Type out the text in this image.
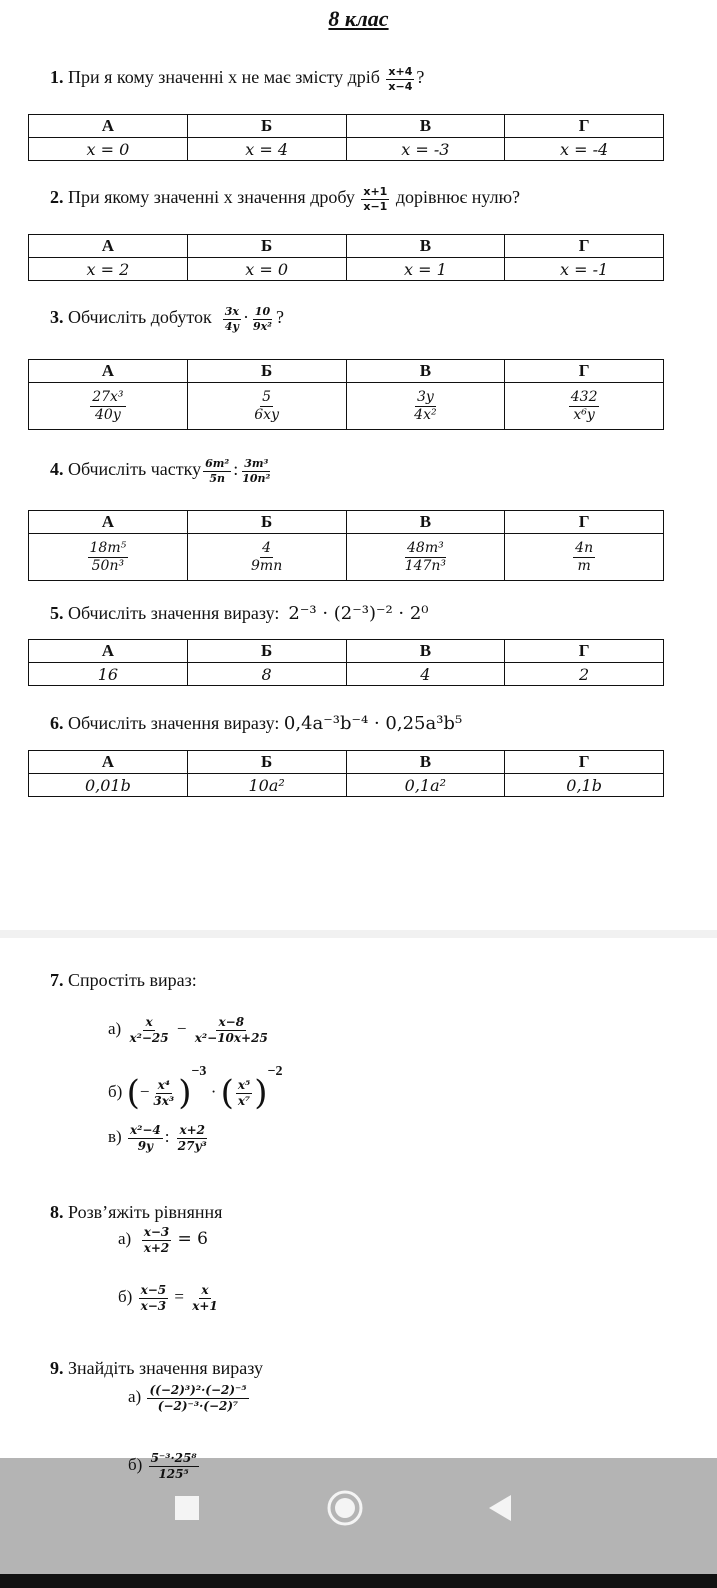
8 клас
1. При я кому значенні х не має змісту дріб $\frac{x+4}{x-4}$ ?
А	Б	В	Г
x = 0	x = 4	x = -3	x = -4
2. При якому значенні х значення дробу $\frac{x+1}{x-1}$ дорівнює нулю?
А	Б	В	Г
x = 2	x = 0	x = 1	x = -1
3. Обчисліть добуток $\frac{3x}{4y} \cdot \frac{10}{\text{9x²}}$ ?
А	Б	В	Г

$\frac{\text{27x³}}{40y}$	$\frac{5}{6xy}$	$\frac{3y}{\text{4x²}}$	$\frac{432}{\text{x⁶y}}$
4. Обчисліть частку $\frac{\text{6m²}}{5n}$ : $\frac{\text{3m³}}{\text{10n²}}$
А	Б	В	Г

$\frac{\text{18m⁵}}{\text{50n³}}$	$\frac{4}{9mn}$	$\frac{\text{48m³}}{\text{147n³}}$	$\frac{4n}{m}$
5. Обчисліть значення виразу: 2⁻³ · (2⁻³)⁻² · 2⁰
А	Б	В	Г
16	8	4	2
6. Обчисліть значення виразу: 0,4a⁻³b⁻⁴ · 0,25a³b⁵
А	Б	В	Г
0,01b	10a²	0,1a²	0,1b
7. Спростіть вираз:
$а) \frac{x}{\text{x²−25}} - \frac{x-8}{\text{x²−10x+25}}$
б) (− $\frac{\text{x⁴}}{\text{3x³}} )^{-3}$ · ( $\frac{\text{x⁵}}{\text{x⁷}} )^{-2}$
$в) \frac{\text{x²−4}}{9y}$ : $\frac{x+2}{\text{27y³}}$
8. Розв’яжіть рівняння
$а) \frac{x-3}{x+2} = 6$
$б) \frac{x-5}{x-3} = \frac{x}{x+1}$
9. Знайдіть значення виразу
$а) \frac{\text{((−2)³)²·(−2)⁻⁵}}{\text{(−2)⁻³·(−2)⁷}}$
$б) \frac{\text{5⁻³·25⁸}}{\text{125⁵}}$
